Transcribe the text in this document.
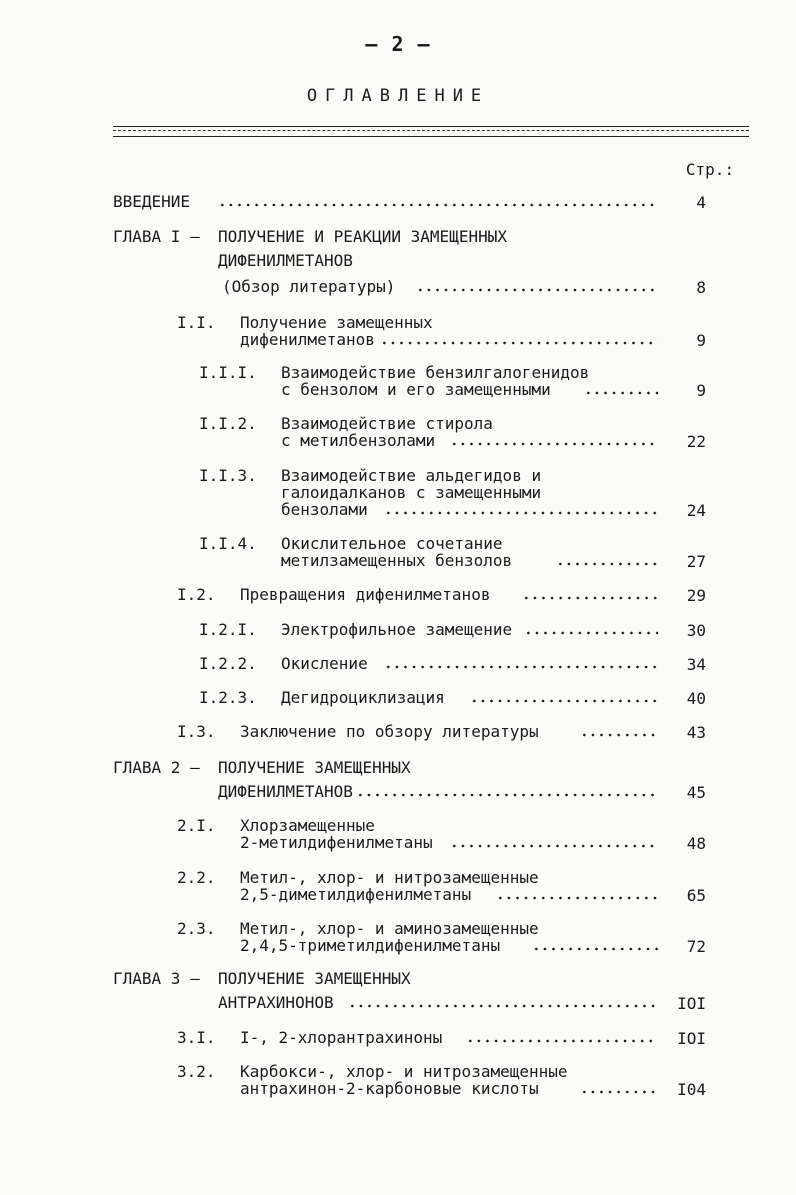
– 2 –
ОГЛАВЛЕНИЕ
Стр.:
ВВЕДЕНИЕ	4
ГЛАВА I – ПОЛУЧЕНИЕ И РЕАКЦИИ ЗАМЕЩЕННЫХ
ДИФЕНИЛМЕТАНОВ
(Обзор литературы)	8
I.I. Получение замещенных
дифенилметанов	9
I.I.I. Взаимодействие бензилгалогенидов
с бензолом и его замещенными	9
I.I.2. Взаимодействие стирола
с метилбензолами	22
I.I.3. Взаимодействие альдегидов и
галоидалканов с замещенными
бензолами	24
I.I.4. Окислительное сочетание
метилзамещенных бензолов	27
I.2. Превращения дифенилметанов	29
I.2.I. Электрофильное замещение	30
I.2.2. Окисление	34
I.2.3. Дегидроциклизация	40
I.3. Заключение по обзору литературы	43
ГЛАВА 2 – ПОЛУЧЕНИЕ ЗАМЕЩЕННЫХ
ДИФЕНИЛМЕТАНОВ	45
2.I. Хлорзамещенные
2-метилдифенилметаны	48
2.2. Метил-, хлор- и нитрозамещенные
2,5-диметилдифенилметаны	65
2.3. Метил-, хлор- и аминозамещенные
2,4,5-триметилдифенилметаны	72
ГЛАВА 3 – ПОЛУЧЕНИЕ ЗАМЕЩЕННЫХ
АНТРАХИНОНОВ	IOI
3.I. I-, 2-хлорантрахиноны	IOI
3.2. Карбокси-, хлор- и нитрозамещенные
антрахинон-2-карбоновые кислоты	I04
